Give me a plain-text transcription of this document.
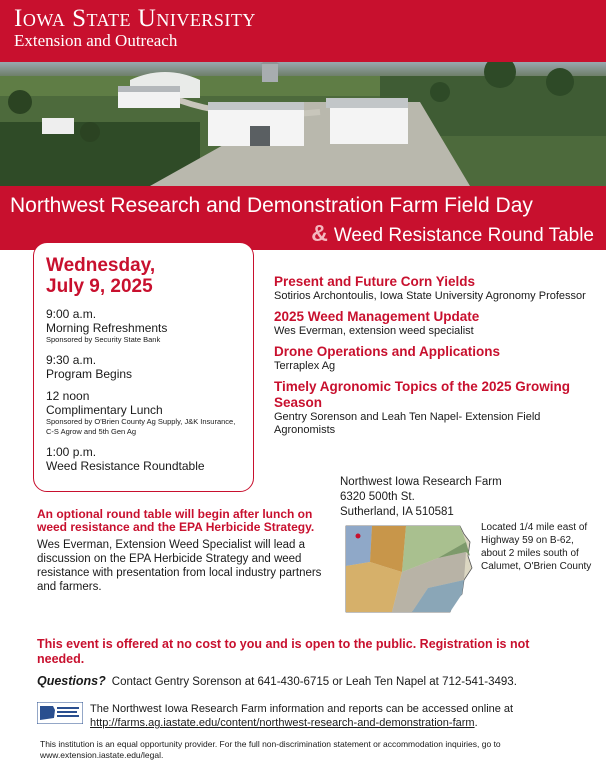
Iowa State University
Extension and Outreach
Northwest Research and Demonstration Farm Field Day
& Weed Resistance Round Table
Wednesday,
July 9, 2025
9:00 a.m.
Morning Refreshments
Sponsored by Security State Bank
9:30 a.m.
Program Begins
12 noon
Complimentary Lunch
Sponsored by O'Brien County Ag Supply, J&K Insurance, C-S Agrow and 5th Gen Ag
1:00 p.m.
Weed Resistance Roundtable
Present and Future Corn Yields
Sotirios Archontoulis, Iowa State University Agronomy Professor
2025 Weed Management Update
Wes Everman, extension weed specialist
Drone Operations and Applications
Terraplex Ag
Timely Agronomic Topics of the 2025 Growing Season
Gentry Sorenson and Leah Ten Napel- Extension Field Agronomists
Northwest Iowa Research Farm
6320 500th St.
Sutherland, IA 510581
Located 1/4 mile east of Highway 59 on B-62, about 2 miles south of Calumet, O'Brien County
An optional round table will begin after lunch on weed resistance and the EPA Herbicide Strategy.
Wes Everman, Extension Weed Specialist will lead a discussion on the EPA Herbicide Strategy and weed resistance with presentation from local industry partners and farmers.
This event is offered at no cost to you and is open to the public. Registration is not needed.
Questions? Contact Gentry Sorenson at 641-430-6715 or Leah Ten Napel at 712-541-3493.
The Northwest Iowa Research Farm information and reports can be accessed online at http://farms.ag.iastate.edu/content/northwest-research-and-demonstration-farm.
This institution is an equal opportunity provider. For the full non-discrimination statement or accommodation inquiries, go to www.extension.iastate.edu/legal.
